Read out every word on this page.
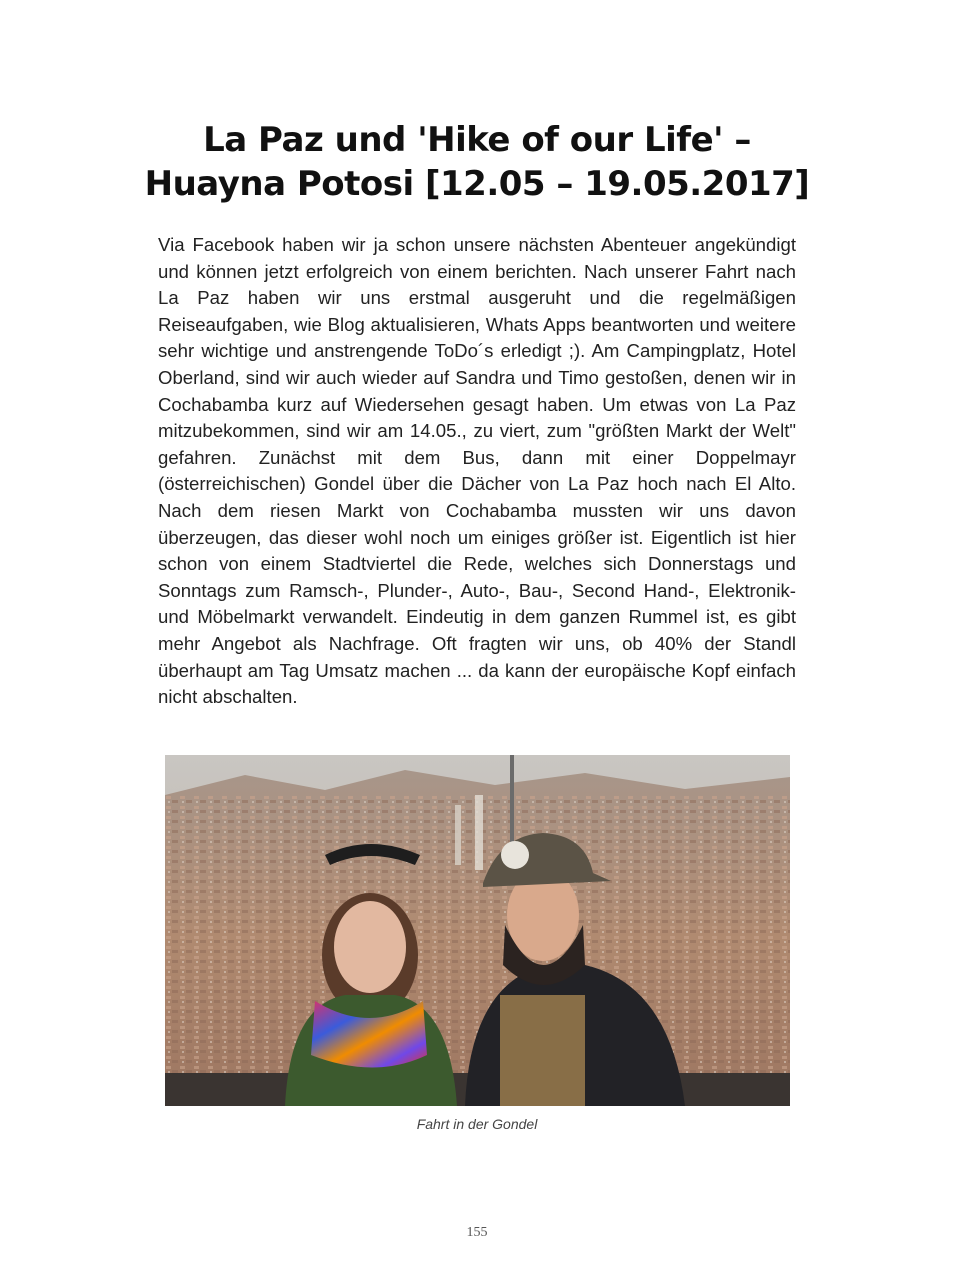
La Paz und 'Hike of our Life' – Huayna Potosi [12.05 – 19.05.2017]

Via Facebook haben wir ja schon unsere nächsten Abenteuer angekündigt und können jetzt erfolgreich von einem berichten. Nach unserer Fahrt nach La Paz haben wir uns erstmal ausgeruht und die regelmäßigen Reiseaufgaben, wie Blog aktualisieren, Whats Apps beantworten und weitere sehr wichtige und anstrengende ToDo´s erledigt ;). Am Campingplatz, Hotel Oberland, sind wir auch wieder auf Sandra und Timo gestoßen, denen wir in Cochabamba kurz auf Wiedersehen gesagt haben. Um etwas von La Paz mitzubekommen, sind wir am 14.05., zu viert, zum "größten Markt der Welt" gefahren. Zunächst mit dem Bus, dann mit einer Doppelmayr (österreichischen) Gondel über die Dächer von La Paz hoch nach El Alto. Nach dem riesen Markt von Cochabamba mussten wir uns davon überzeugen, das dieser wohl noch um einiges größer ist. Eigentlich ist hier schon von einem Stadtviertel die Rede, welches sich Donnerstags und Sonntags zum Ramsch-, Plunder-, Auto-, Bau-, Second Hand-, Elektronik- und Möbelmarkt verwandelt. Eindeutig in dem ganzen Rummel ist, es gibt mehr Angebot als Nachfrage. Oft fragten wir uns, ob 40% der Standl überhaupt am Tag Umsatz machen ... da kann der europäische Kopf einfach nicht abschalten.

Fahrt in der Gondel

155
